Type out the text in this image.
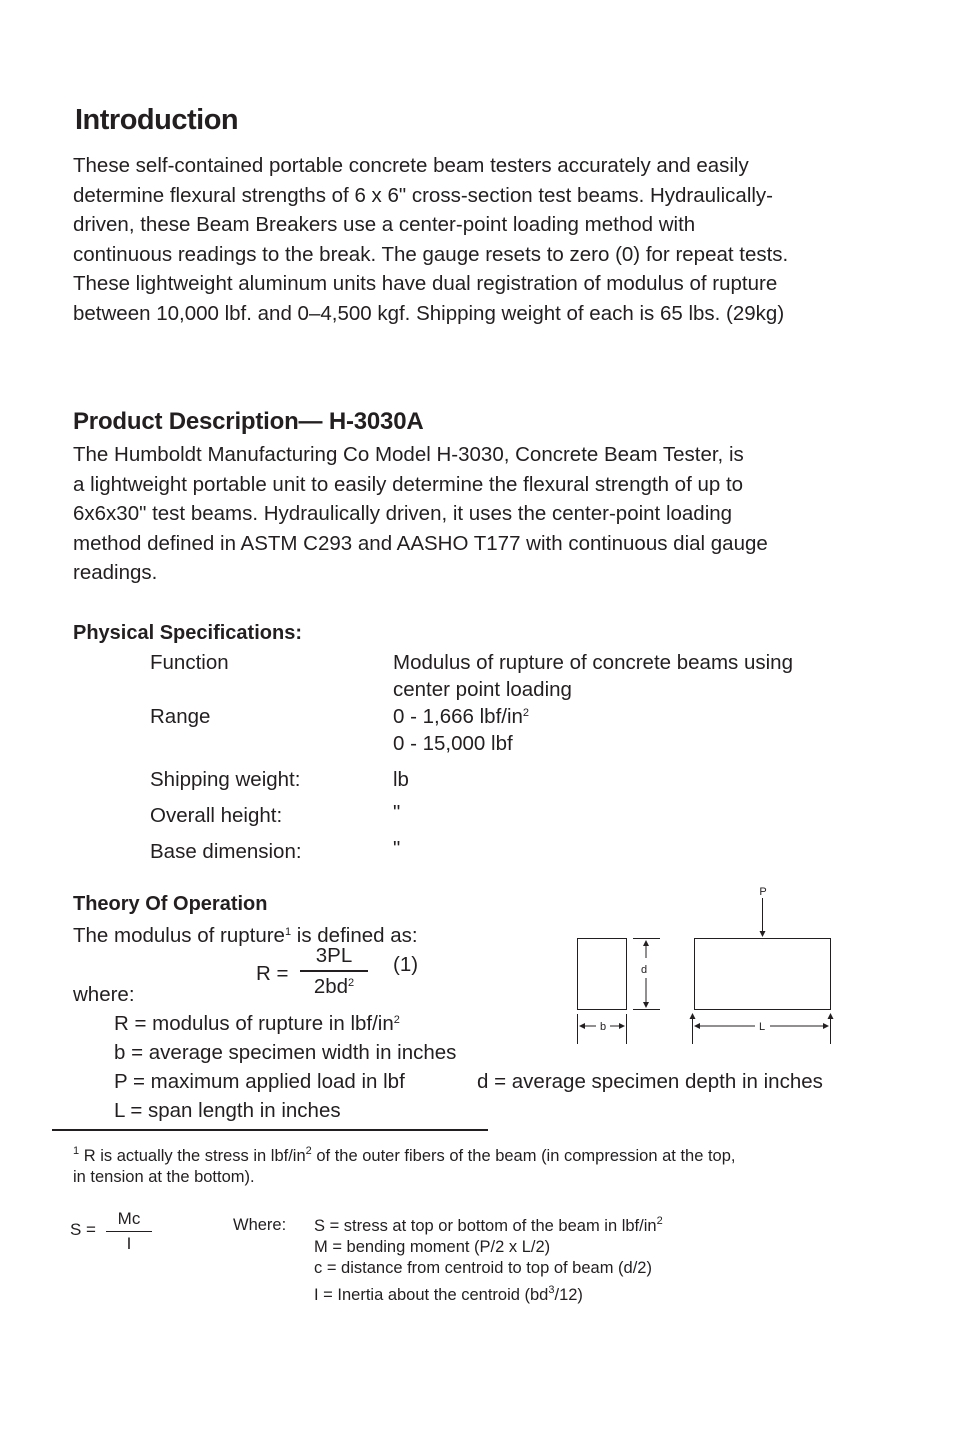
Introduction
These self-contained portable concrete beam testers accurately and easily
determine flexural strengths of 6 x 6" cross-section test beams. Hydraulically-
driven, these Beam Breakers use a center-point loading method with
continuous readings to the break. The gauge resets to zero (0) for repeat tests.
These lightweight aluminum units have dual registration of modulus of rupture
between 10,000 lbf. and 0–4,500 kgf. Shipping weight of each is 65 lbs. (29kg)
Product Description— H-3030A
The Humboldt Manufacturing Co Model H-3030, Concrete Beam Tester, is
a lightweight portable unit to easily determine the flexural strength of up to
6x6x30" test beams. Hydraulically driven, it uses the center-point loading
method defined in ASTM C293 and AASHO T177 with continuous dial gauge
readings.
Physical Specifications:
Function	Modulus of rupture of concrete beams using
center point loading
Range	0 - 1,666 lbf/$in^2$
0 - 15,000 lbf
Shipping weight:	lb
Overall height:	"
Base dimension:	"
Theory Of Operation
The modulus of rupture$^1$ is defined as:
R =
3PL
$2bd^2$
(1)
where:
R = modulus of rupture in lbf/$in^2$
b = average specimen width in inches
P = maximum applied load in lbf	d = average specimen depth in inches
L = span length in inches
P
d
b	L
$^1$ R is actually the stress in lbf/$in^2$ of the outer fibers of the beam (in compression at the top,
in tension at the bottom).
S =
Mc
I
Where: S = stress at top or bottom of the beam in lbf/$in^2$
M = bending moment (P/2 x L/2)
c = distance from centroid to top of beam (d/2)
I = Inertia about the centroid $(bd^3/12)$
